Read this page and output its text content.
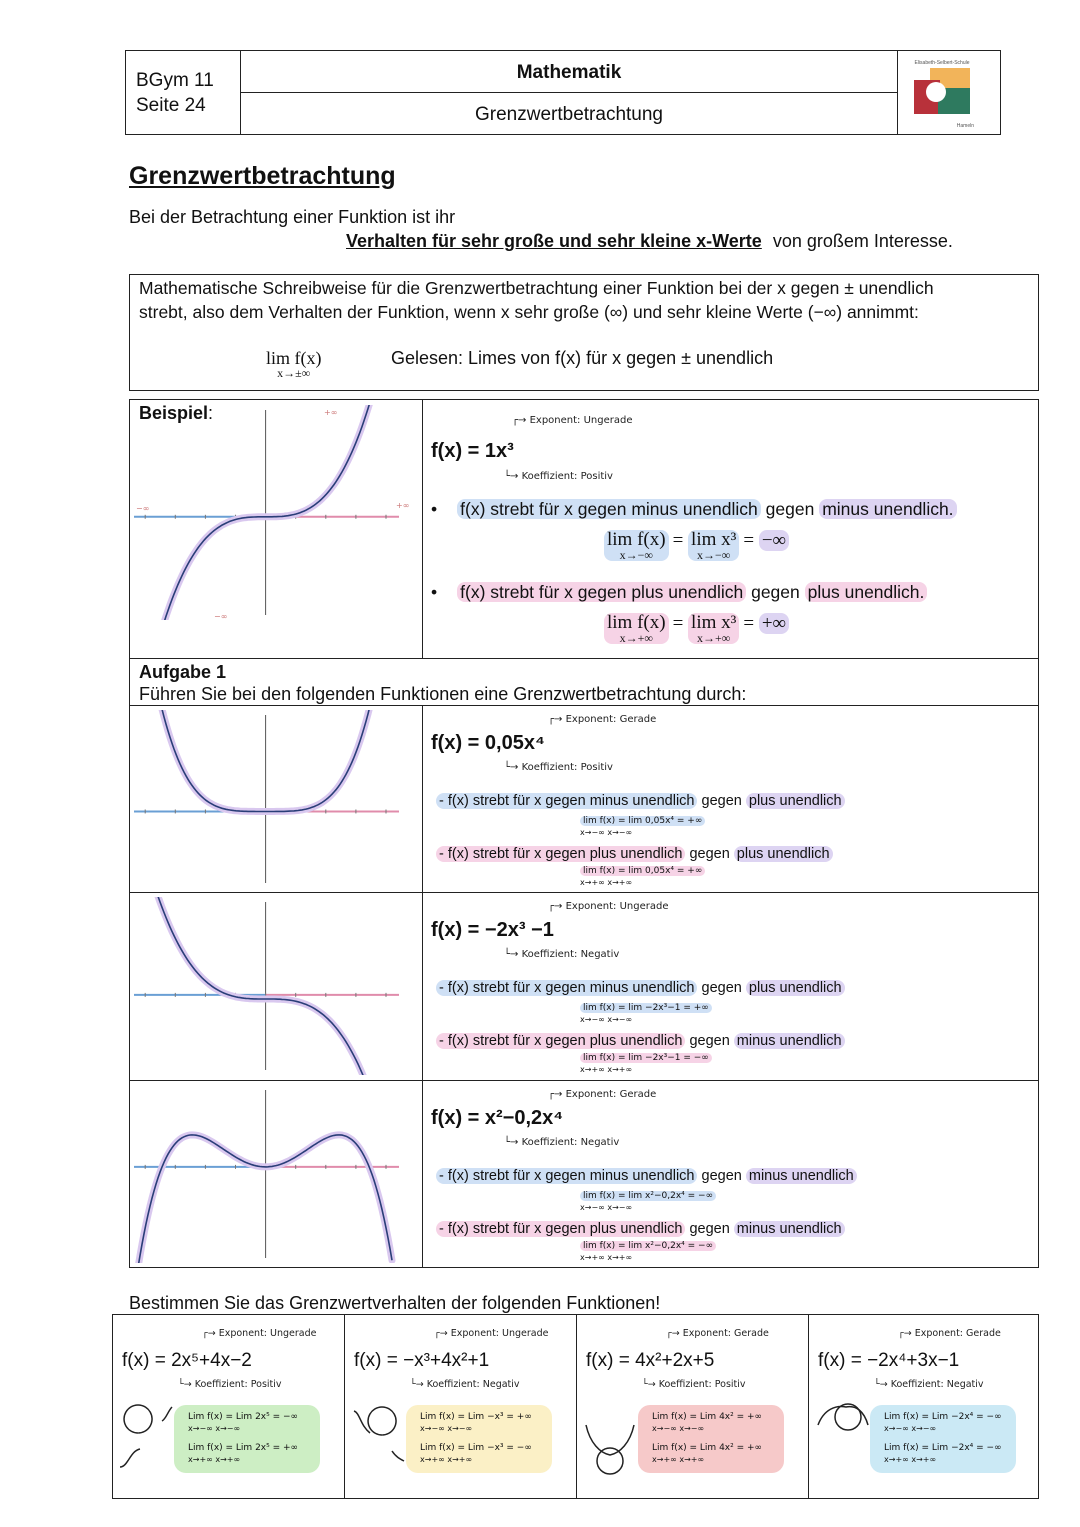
BGym 11
Seite 24
Mathematik
Grenzwertbetrachtung
Elisabeth-Selbert-Schule
Hameln
Grenzwertbetrachtung
Bei der Betrachtung einer Funktion ist ihr
Verhalten für sehr große und sehr kleine x-Werte von großem Interesse.
Mathematische Schreibweise für die Grenzwertbetrachtung einer Funktion bei der x gegen ± unendlich
strebt, also dem Verhalten der Funktion, wenn x sehr große (∞) und sehr kleine Werte (−∞) annimmt:
lim f(x)
x→±∞
Gelesen: Limes von f(x) für x gegen ± unendlich
Beispiel:	+∞
−∞	+∞
−∞
┌→ Exponent: Ungerade
f(x) = 1x³
└→ Koeffizient: Positiv
• f(x) strebt für x gegen minus unendlich gegen minus unendlich.
lim f(x)
x→−∞
= lim x³
x→−∞
= −∞
• f(x) strebt für x gegen plus unendlich gegen plus unendlich.
lim f(x)
x→+∞
= lim x³
x→+∞
= +∞
Aufgabe 1
Führen Sie bei den folgenden Funktionen eine Grenzwertbetrachtung durch:
┌→ Exponent: Gerade
f(x) = 0,05x⁴
└→ Koeffizient: Positiv
- f(x) strebt für x gegen minus unendlich gegen plus unendlich
lim f(x) = lim 0,05x⁴ = +∞
x→−∞ x→−∞
- f(x) strebt für x gegen plus unendlich gegen plus unendlich
lim f(x) = lim 0,05x⁴ = +∞
x→+∞ x→+∞
┌→ Exponent: Ungerade
f(x) = −2x³ −1
└→ Koeffizient: Negativ
- f(x) strebt für x gegen minus unendlich gegen plus unendlich
lim f(x) = lim −2x³−1 = +∞
x→−∞ x→−∞
- f(x) strebt für x gegen plus unendlich gegen minus unendlich
lim f(x) = lim −2x³−1 = −∞
x→+∞ x→+∞
┌→ Exponent: Gerade
f(x) = x²−0,2x⁴
└→ Koeffizient: Negativ
- f(x) strebt für x gegen minus unendlich gegen minus unendlich
lim f(x) = lim x²−0,2x⁴ = −∞
x→−∞ x→−∞
- f(x) strebt für x gegen plus unendlich gegen minus unendlich
lim f(x) = lim x²−0,2x⁴ = −∞
x→+∞ x→+∞
Bestimmen Sie das Grenzwertverhalten der folgenden Funktionen!
┌→ Exponent: Ungerade
f(x) = 2x⁵+4x−2
└→ Koeffizient: Positiv
Lim f(x) = Lim 2x⁵ = −∞
x→−∞ x→−∞
Lim f(x) = Lim 2x⁵ = +∞
x→+∞ x→+∞
┌→ Exponent: Ungerade
f(x) = −x³+4x²+1
└→ Koeffizient: Negativ
Lim f(x) = Lim −x³ = +∞
x→−∞ x→−∞
Lim f(x) = Lim −x³ = −∞
x→+∞ x→+∞
┌→ Exponent: Gerade
f(x) = 4x²+2x+5
└→ Koeffizient: Positiv
Lim f(x) = Lim 4x² = +∞
x→−∞ x→−∞
Lim f(x) = Lim 4x² = +∞
x→+∞ x→+∞
┌→ Exponent: Gerade
f(x) = −2x⁴+3x−1
└→ Koeffizient: Negativ
Lim f(x) = Lim −2x⁴ = −∞
x→−∞ x→−∞
Lim f(x) = Lim −2x⁴ = −∞
x→+∞ x→+∞
